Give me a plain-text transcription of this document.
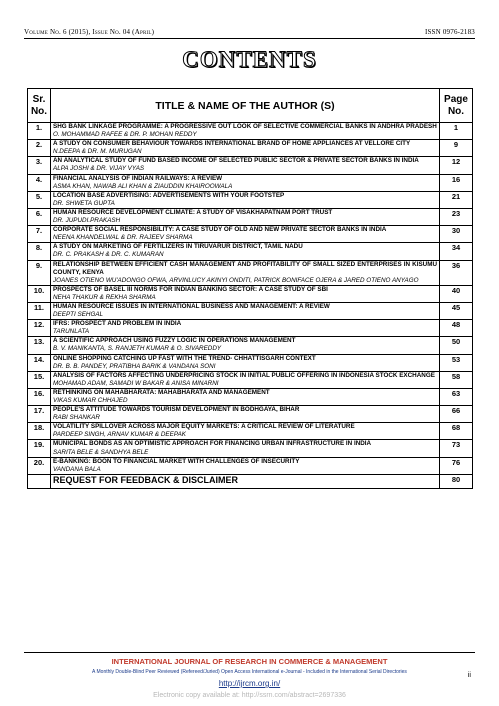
Volume No. 6 (2015), Issue No. 04 (April)	ISSN 0976-2183
CONTENTS
Sr. No.	TITLE & NAME OF THE AUTHOR (S)	Page No.
1.	SHG BANK LINKAGE PROGRAMME: A PROGRESSIVE OUT LOOK OF SELECTIVE COMMERCIAL BANKS IN ANDHRA PRADESH
O. MOHAMMAD RAFEE & DR. P. MOHAN REDDY	1
2.	A STUDY ON CONSUMER BEHAVIOUR TOWARDS INTERNATIONAL BRAND OF HOME APPLIANCES AT VELLORE CITY
N.DEEPA & DR. M. MURUGAN	9
3.	AN ANALYTICAL STUDY OF FUND BASED INCOME OF SELECTED PUBLIC SECTOR & PRIVATE SECTOR BANKS IN INDIA
ALPA JOSHI & DR. VIJAY VYAS	12
4.	FINANCIAL ANALYSIS OF INDIAN RAILWAYS: A REVIEW
ASMA KHAN, NAWAB ALI KHAN & ZIAUDDIN KHAIROOWALA	16
5.	LOCATION BASE ADVERTISING: ADVERTISEMENTS WITH YOUR FOOTSTEP
DR. SHWETA GUPTA	21
6.	HUMAN RESOURCE DEVELOPMENT CLIMATE: A STUDY OF VISAKHAPATNAM PORT TRUST
DR. JUPUDI.PRAKASH	23
7.	CORPORATE SOCIAL RESPONSIBILITY: A CASE STUDY OF OLD AND NEW PRIVATE SECTOR BANKS IN INDIA
NEENA KHANDELWAL & DR. RAJEEV SHARMA	30
8.	A STUDY ON MARKETING OF FERTILIZERS IN TIRUVARUR DISTRICT, TAMIL NADU
DR. C. PRAKASH & DR. C. KUMARAN	34
9.	RELATIONSHIP BETWEEN EFFICIENT CASH MANAGEMENT AND PROFITABILITY OF SMALL SIZED ENTERPRISES IN KISUMU COUNTY, KENYA
JOANES OTIENO WU'ADONGO OFWA, ARVINLUCY AKINYI ONDITI, PATRICK BONIFACE OJERA & JARED OTIENO ANYAGO	36
10.	PROSPECTS OF BASEL III NORMS FOR INDIAN BANKING SECTOR: A CASE STUDY OF SBI
NEHA THAKUR & REKHA SHARMA	40
11.	HUMAN RESOURCE ISSUES IN INTERNATIONAL BUSINESS AND MANAGEMENT: A REVIEW
DEEPTI SEHGAL	45
12.	IFRS: PROSPECT AND PROBLEM IN INDIA
TARUNLATA	48
13.	A SCIENTIFIC APPROACH USING FUZZY LOGIC IN OPERATIONS MANAGEMENT
B. V. MANIKANTA, S. RANJETH KUMAR & O. SIVAREDDY	50
14.	ONLINE SHOPPING CATCHING UP FAST WITH THE TREND- CHHATTISGARH CONTEXT
DR. B. B. PANDEY, PRATIBHA BARIK & VANDANA SONI	53
15.	ANALYSIS OF FACTORS AFFECTING UNDERPRICING STOCK IN INITIAL PUBLIC OFFERING IN INDONESIA STOCK EXCHANGE
MOHAMAD ADAM, SAMADI W BAKAR & ANISA MINARNI	58
16.	RETHINKING ON MAHABHARATA: MAHABHARATA AND MANAGEMENT
VIKAS KUMAR CHHAJED	63
17.	PEOPLE'S ATTITUDE TOWARDS TOURISM DEVELOPMENT IN BODHGAYA, BIHAR
RABI SHANKAR	66
18.	VOLATILITY SPILLOVER ACROSS MAJOR EQUITY MARKETS: A CRITICAL REVIEW OF LITERATURE
PARDEEP SINGH, ARNAV KUMAR & DEEPAK	68
19.	MUNICIPAL BONDS AS AN OPTIMISTIC APPROACH FOR FINANCING URBAN INFRASTRUCTURE IN INDIA
SARITA BELE & SANDHYA BELE	73
20.	E-BANKING: BOON TO FINANCIAL MARKET WITH CHALLENGES OF INSECURITY
VANDANA BALA	76
	REQUEST FOR FEEDBACK & DISCLAIMER	80
INTERNATIONAL JOURNAL OF RESEARCH IN COMMERCE & MANAGEMENT
A Monthly Double-Blind Peer Reviewed (Refereed/Juried) Open Access International e-Journal - Included in the International Serial Directories	ii
http://ijrcm.org.in/
Electronic copy available at: http://ssrn.com/abstract=2697336
